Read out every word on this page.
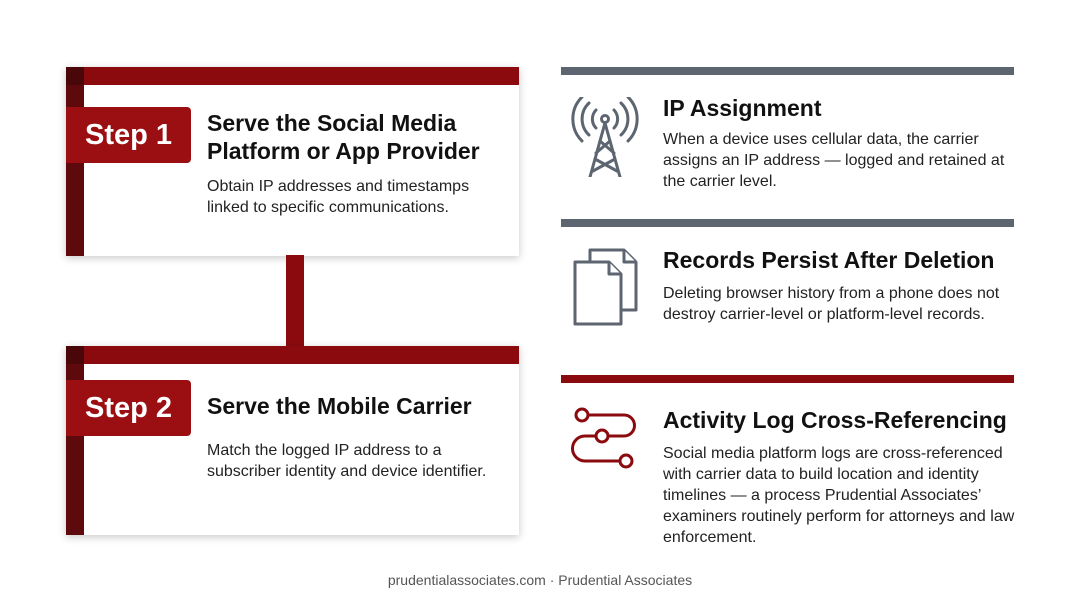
Step 1	Serve the Social Media Platform or App Provider
Obtain IP addresses and timestamps linked to specific communications.
Step 2	Serve the Mobile Carrier
Match the logged IP address to a subscriber identity and device identifier.
IP Assignment
When a device uses cellular data, the carrier assigns an IP address — logged and retained at the carrier level.
Records Persist After Deletion
Deleting browser history from a phone does not destroy carrier-level or platform-level records.
Activity Log Cross-Referencing
Social media platform logs are cross-referenced with carrier data to build location and identity timelines — a process Prudential Associates’ examiners routinely perform for attorneys and law enforcement.
prudentialassociates.com · Prudential Associates
